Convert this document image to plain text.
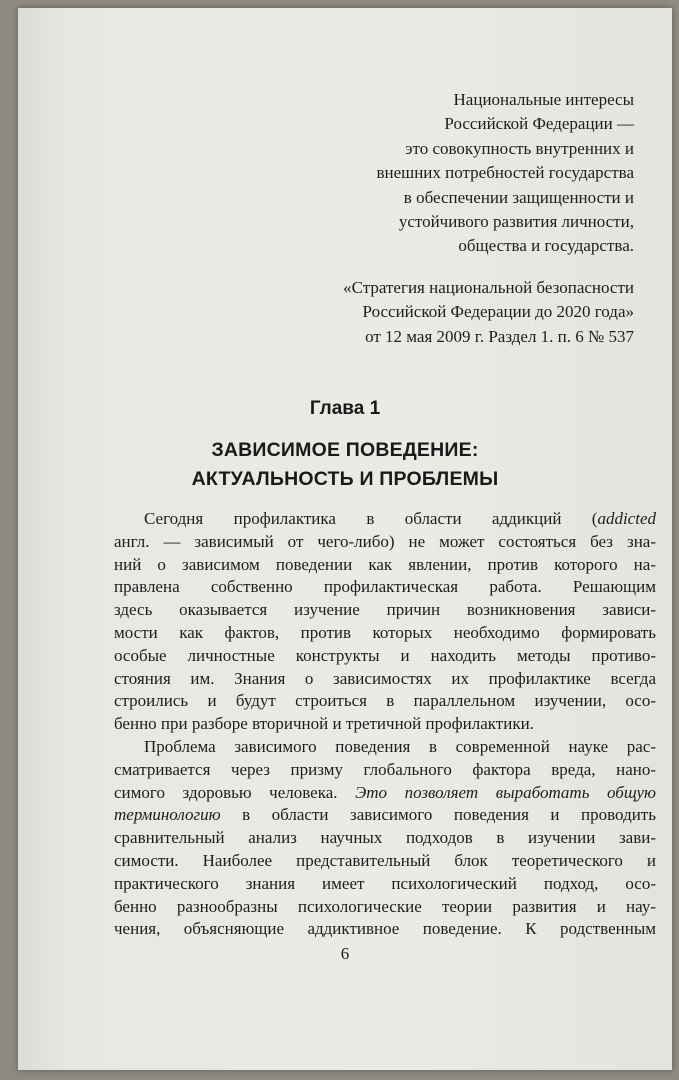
Национальные интересы
Российской Федерации —
это совокупность внутренних и
внешних потребностей государства
в обеспечении защищенности и
устойчивого развития личности,
общества и государства.
«Стратегия национальной безопасности
Российской Федерации до 2020 года»
от 12 мая 2009 г. Раздел 1. п. 6 № 537
Глава 1
ЗАВИСИМОЕ ПОВЕДЕНИЕ:
АКТУАЛЬНОСТЬ И ПРОБЛЕМЫ
Сегодня профилактика в области аддикций (addicted
англ. — зависимый от чего-либо) не может состояться без зна-
ний о зависимом поведении как явлении, против которого на-
правлена собственно профилактическая работа. Решающим
здесь оказывается изучение причин возникновения зависи-
мости как фактов, против которых необходимо формировать
особые личностные конструкты и находить методы противо-
стояния им. Знания о зависимостях их профилактике всегда
строились и будут строиться в параллельном изучении, осо-
бенно при разборе вторичной и третичной профилактики.
Проблема зависимого поведения в современной науке рас-
сматривается через призму глобального фактора вреда, нано-
симого здоровью человека. Это позволяет выработать общую
терминологию в области зависимого поведения и проводить
сравнительный анализ научных подходов в изучении зави-
симости. Наиболее представительный блок теоретического и
практического знания имеет психологический подход, осо-
бенно разнообразны психологические теории развития и нау-
чения, объясняющие аддиктивное поведение. К родственным
6
